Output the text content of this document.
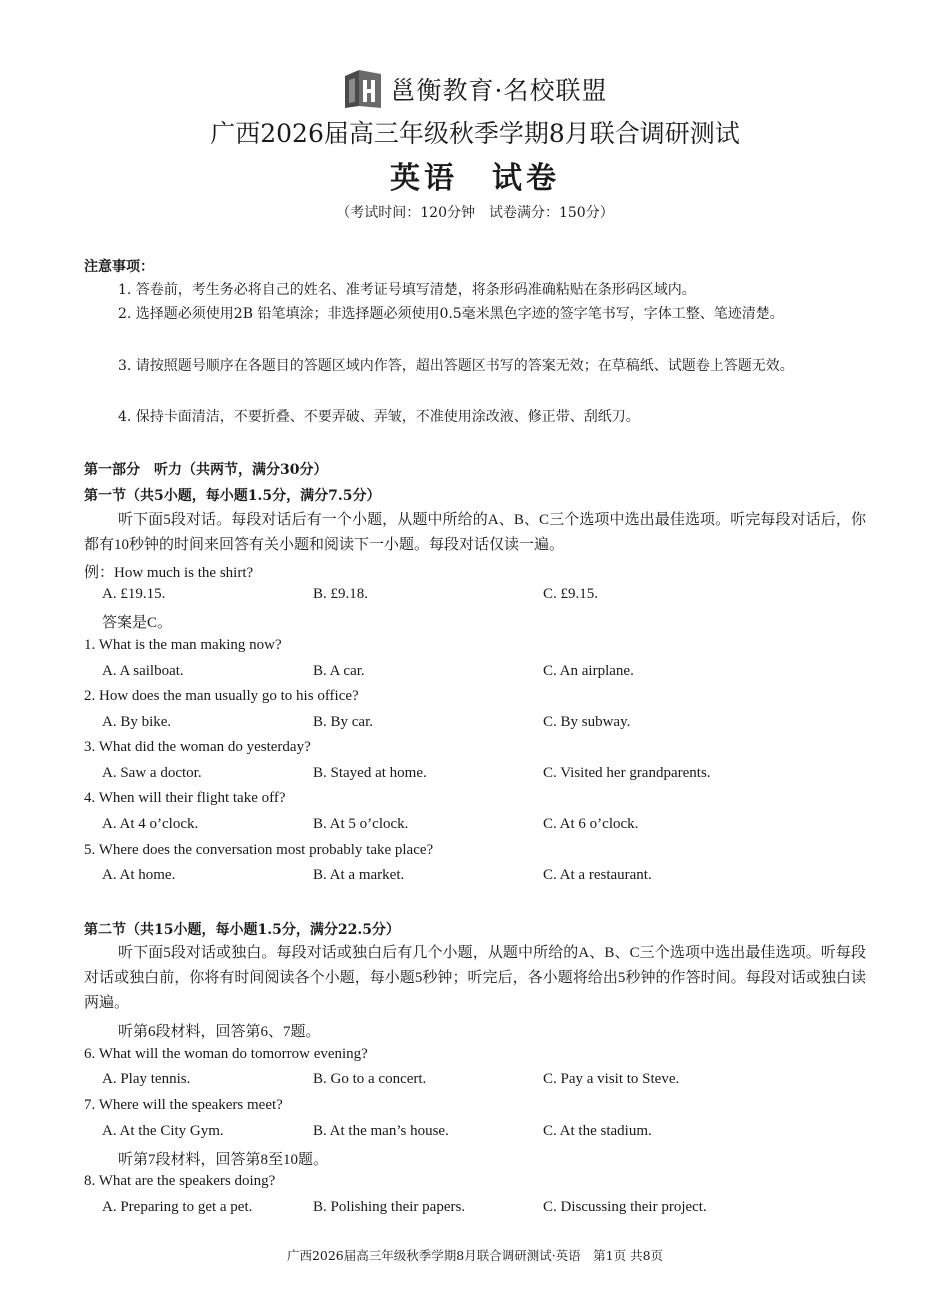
邕衡教育·名校联盟
广西2026届高三年级秋季学期8月联合调研测试
英语　试卷
（考试时间：120分钟　试卷满分：150分）
注意事项：
1. 答卷前，考生务必将自己的姓名、准考证号填写清楚，将条形码准确粘贴在条形码区域内。
2. 选择题必须使用2B 铅笔填涂；非选择题必须使用0.5毫米黑色字迹的签字笔书写，字体工整、笔迹清楚。
3. 请按照题号顺序在各题目的答题区域内作答，超出答题区书写的答案无效；在草稿纸、试题卷上答题无效。
4. 保持卡面清洁，不要折叠、不要弄破、弄皱，不准使用涂改液、修正带、刮纸刀。
第一部分　听力（共两节，满分30分）
第一节（共5小题，每小题1.5分，满分7.5分）
听下面5段对话。每段对话后有一个小题，从题中所给的A、B、C三个选项中选出最佳选项。听完每段对话后，你都有10秒钟的时间来回答有关小题和阅读下一小题。每段对话仅读一遍。
例：How much is the shirt?
A. £19.15.	B. £9.18.	C. £9.15.
答案是C。
1. What is the man making now?
A. A sailboat.	B. A car.	C. An airplane.
2. How does the man usually go to his office?
A. By bike.	B. By car.	C. By subway.
3. What did the woman do yesterday?
A. Saw a doctor.	B. Stayed at home.	C. Visited her grandparents.
4. When will their flight take off?
A. At 4 o’clock.	B. At 5 o’clock.	C. At 6 o’clock.
5. Where does the conversation most probably take place?
A. At home.	B. At a market.	C. At a restaurant.
第二节（共15小题，每小题1.5分，满分22.5分）
听下面5段对话或独白。每段对话或独白后有几个小题，从题中所给的A、B、C三个选项中选出最佳选项。听每段对话或独白前，你将有时间阅读各个小题，每小题5秒钟；听完后，各小题将给出5秒钟的作答时间。每段对话或独白读两遍。
听第6段材料，回答第6、7题。
6. What will the woman do tomorrow evening?
A. Play tennis.	B. Go to a concert.	C. Pay a visit to Steve.
7. Where will the speakers meet?
A. At the City Gym.	B. At the man’s house.	C. At the stadium.
听第7段材料，回答第8至10题。
8. What are the speakers doing?
A. Preparing to get a pet.	B. Polishing their papers.	C. Discussing their project.
广西2026届高三年级秋季学期8月联合调研测试·英语　第1页 共8页
